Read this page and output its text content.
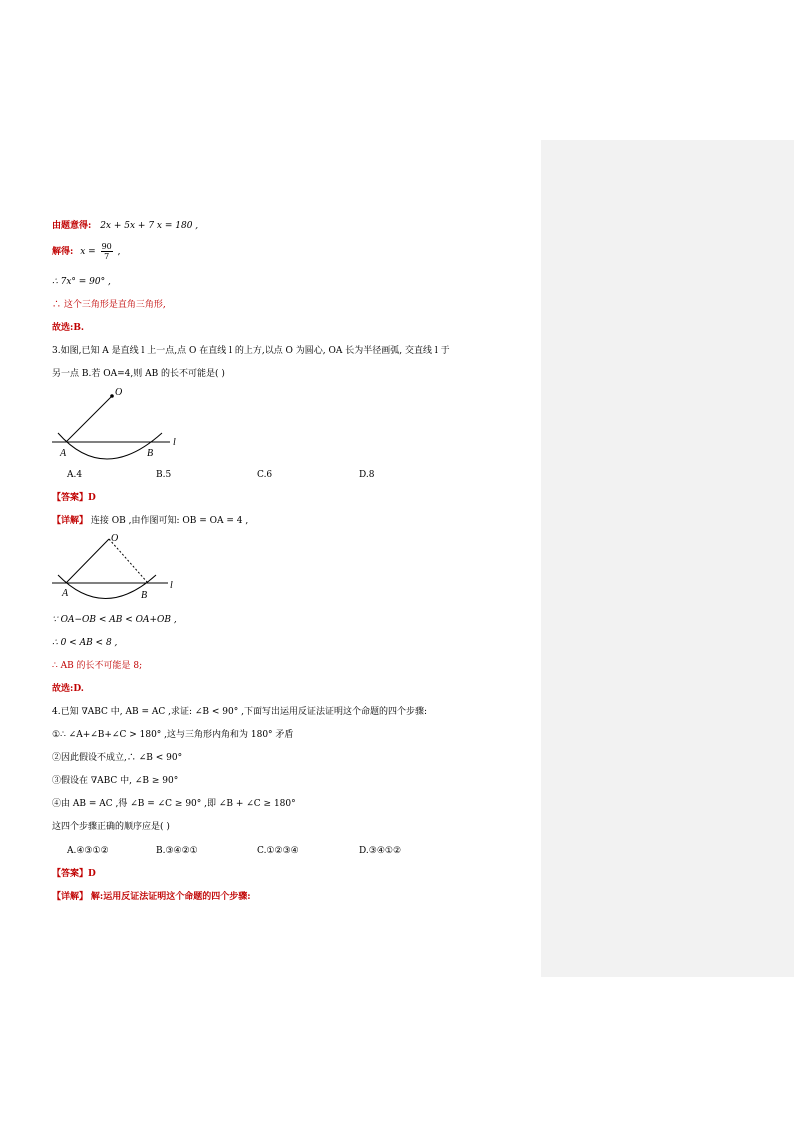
由题意得: 2x + 5x + 7 x = 180 ,
解得: $x = \frac{90}{7}$ ,
∴ 7x° = 90° ,
∴ 这个三角形是直角三角形,
故选:B.
3.如图,已知 A 是直线 l 上一点,点 O 在直线 l 的上方,以点 O 为圆心, OA 长为半径画弧, 交直线 l 于
另一点 B.若 OA=4,则 AB 的长不可能是( )
O
A	B
l
A.4	B.5	C.6	D.8
【答案】D
【详解】 连接 OB ,由作图可知: OB = OA = 4 ,
O
A	B
l
∵ OA−OB < AB < OA+OB ,
∴ 0 < AB < 8 ,
∴ AB 的长不可能是 8;
故选:D.
4.已知 ∇ABC 中, AB = AC ,求证: ∠B < 90° ,下面写出运用反证法证明这个命题的四个步骤:
①∴ ∠A+∠B+∠C > 180° ,这与三角形内角和为 180° 矛盾
②因此假设不成立,∴ ∠B < 90°
③假设在 ∇ABC 中, ∠B ≥ 90°
④由 AB = AC ,得 ∠B = ∠C ≥ 90° ,即 ∠B + ∠C ≥ 180°
这四个步骤正确的顺序应是( )
A.④③①②	B.③④②①	C.①②③④	D.③④①②
【答案】D
【详解】 解:运用反证法证明这个命题的四个步骤:
